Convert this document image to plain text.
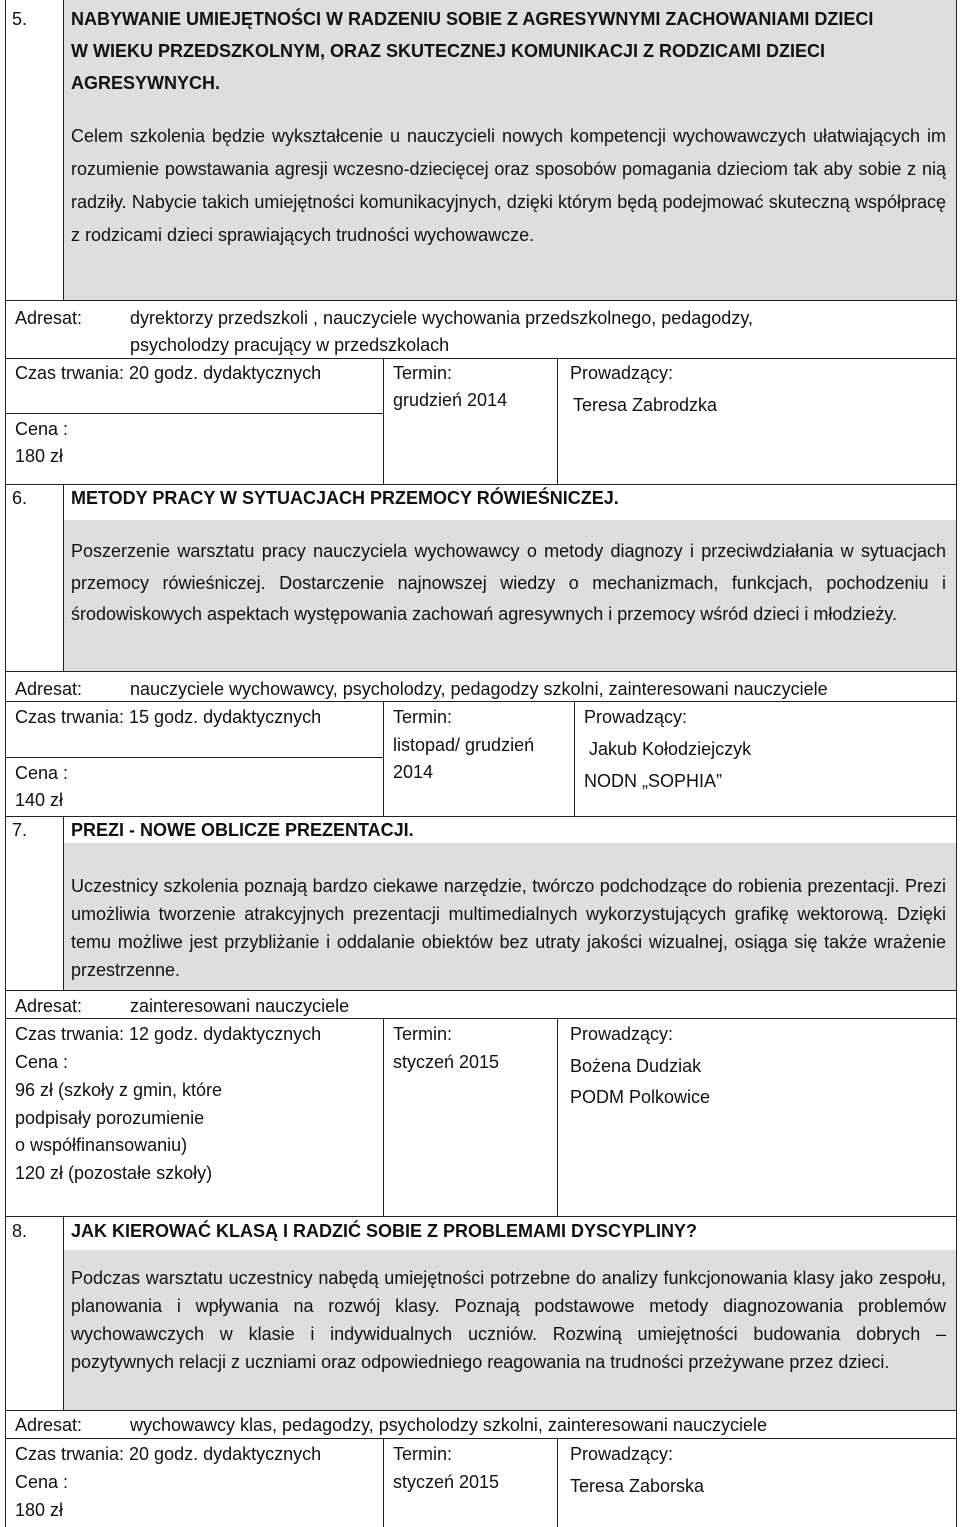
5. NABYWANIE UMIEJĘTNOŚCI W RADZENIU SOBIE Z AGRESYWNYMI ZACHOWANIAMI DZIECI
W WIEKU PRZEDSZKOLNYM, ORAZ SKUTECZNEJ KOMUNIKACJI Z RODZICAMI DZIECI
AGRESYWNYCH.

Celem szkolenia będzie wykształcenie u nauczycieli nowych kompetencji wychowawczych ułatwiających im rozumienie powstawania agresji wczesno-dziecięcej oraz sposobów pomagania dzieciom tak aby sobie z nią radziły. Nabycie takich umiejętności komunikacyjnych, dzięki którym będą podejmować skuteczną współpracę z rodzicami dzieci sprawiających trudności wychowawcze.

Adresat:	dyrektorzy przedszkoli , nauczyciele wychowania przedszkolnego, pedagodzy,
psycholodzy pracujący w przedszkolach
Czas trwania: 20 godz. dydaktycznych
Cena :
180 zł
Termin:
grudzień 2014
Prowadzący:
Teresa Zabrodzka
6. METODY PRACY W SYTUACJACH PRZEMOCY RÓWIEŚNICZEJ.

Poszerzenie warsztatu pracy nauczyciela wychowawcy o metody diagnozy i przeciwdziałania w sytuacjach przemocy rówieśniczej. Dostarczenie najnowszej wiedzy o mechanizmach, funkcjach, pochodzeniu i środowiskowych aspektach występowania zachowań agresywnych i przemocy wśród dzieci i młodzieży.

Adresat:	nauczyciele wychowawcy, psycholodzy, pedagodzy szkolni, zainteresowani nauczyciele
Czas trwania: 15 godz. dydaktycznych
Cena :
140 zł
Termin:
listopad/ grudzień
2014
Prowadzący:
Jakub Kołodziejczyk
NODN „SOPHIA”
7. PREZI - NOWE OBLICZE PREZENTACJI.

Uczestnicy szkolenia poznają bardzo ciekawe narzędzie, twórczo podchodzące do robienia prezentacji. Prezi umożliwia tworzenie atrakcyjnych prezentacji multimedialnych wykorzystujących grafikę wektorową. Dzięki temu możliwe jest przybliżanie i oddalanie obiektów bez utraty jakości wizualnej, osiąga się także wrażenie przestrzenne.

Adresat:	zainteresowani nauczyciele
Czas trwania: 12 godz. dydaktycznych
Cena :
96 zł (szkoły z gmin, które
podpisały porozumienie
o współfinansowaniu)
120 zł (pozostałe szkoły)
Termin:
styczeń 2015
Prowadzący:
Bożena Dudziak
PODM Polkowice
8. JAK KIEROWAĆ KLASĄ I RADZIĆ SOBIE Z PROBLEMAMI DYSCYPLINY?

Podczas warsztatu uczestnicy nabędą umiejętności potrzebne do analizy funkcjonowania klasy jako zespołu, planowania i wpływania na rozwój klasy. Poznają podstawowe metody diagnozowania problemów wychowawczych w klasie i indywidualnych uczniów. Rozwiną umiejętności budowania dobrych – pozytywnych relacji z uczniami oraz odpowiedniego reagowania na trudności przeżywane przez dzieci.

Adresat:	wychowawcy klas, pedagodzy, psycholodzy szkolni, zainteresowani nauczyciele
Czas trwania: 20 godz. dydaktycznych
Cena :
180 zł
Termin:
styczeń 2015
Prowadzący:
Teresa Zaborska
